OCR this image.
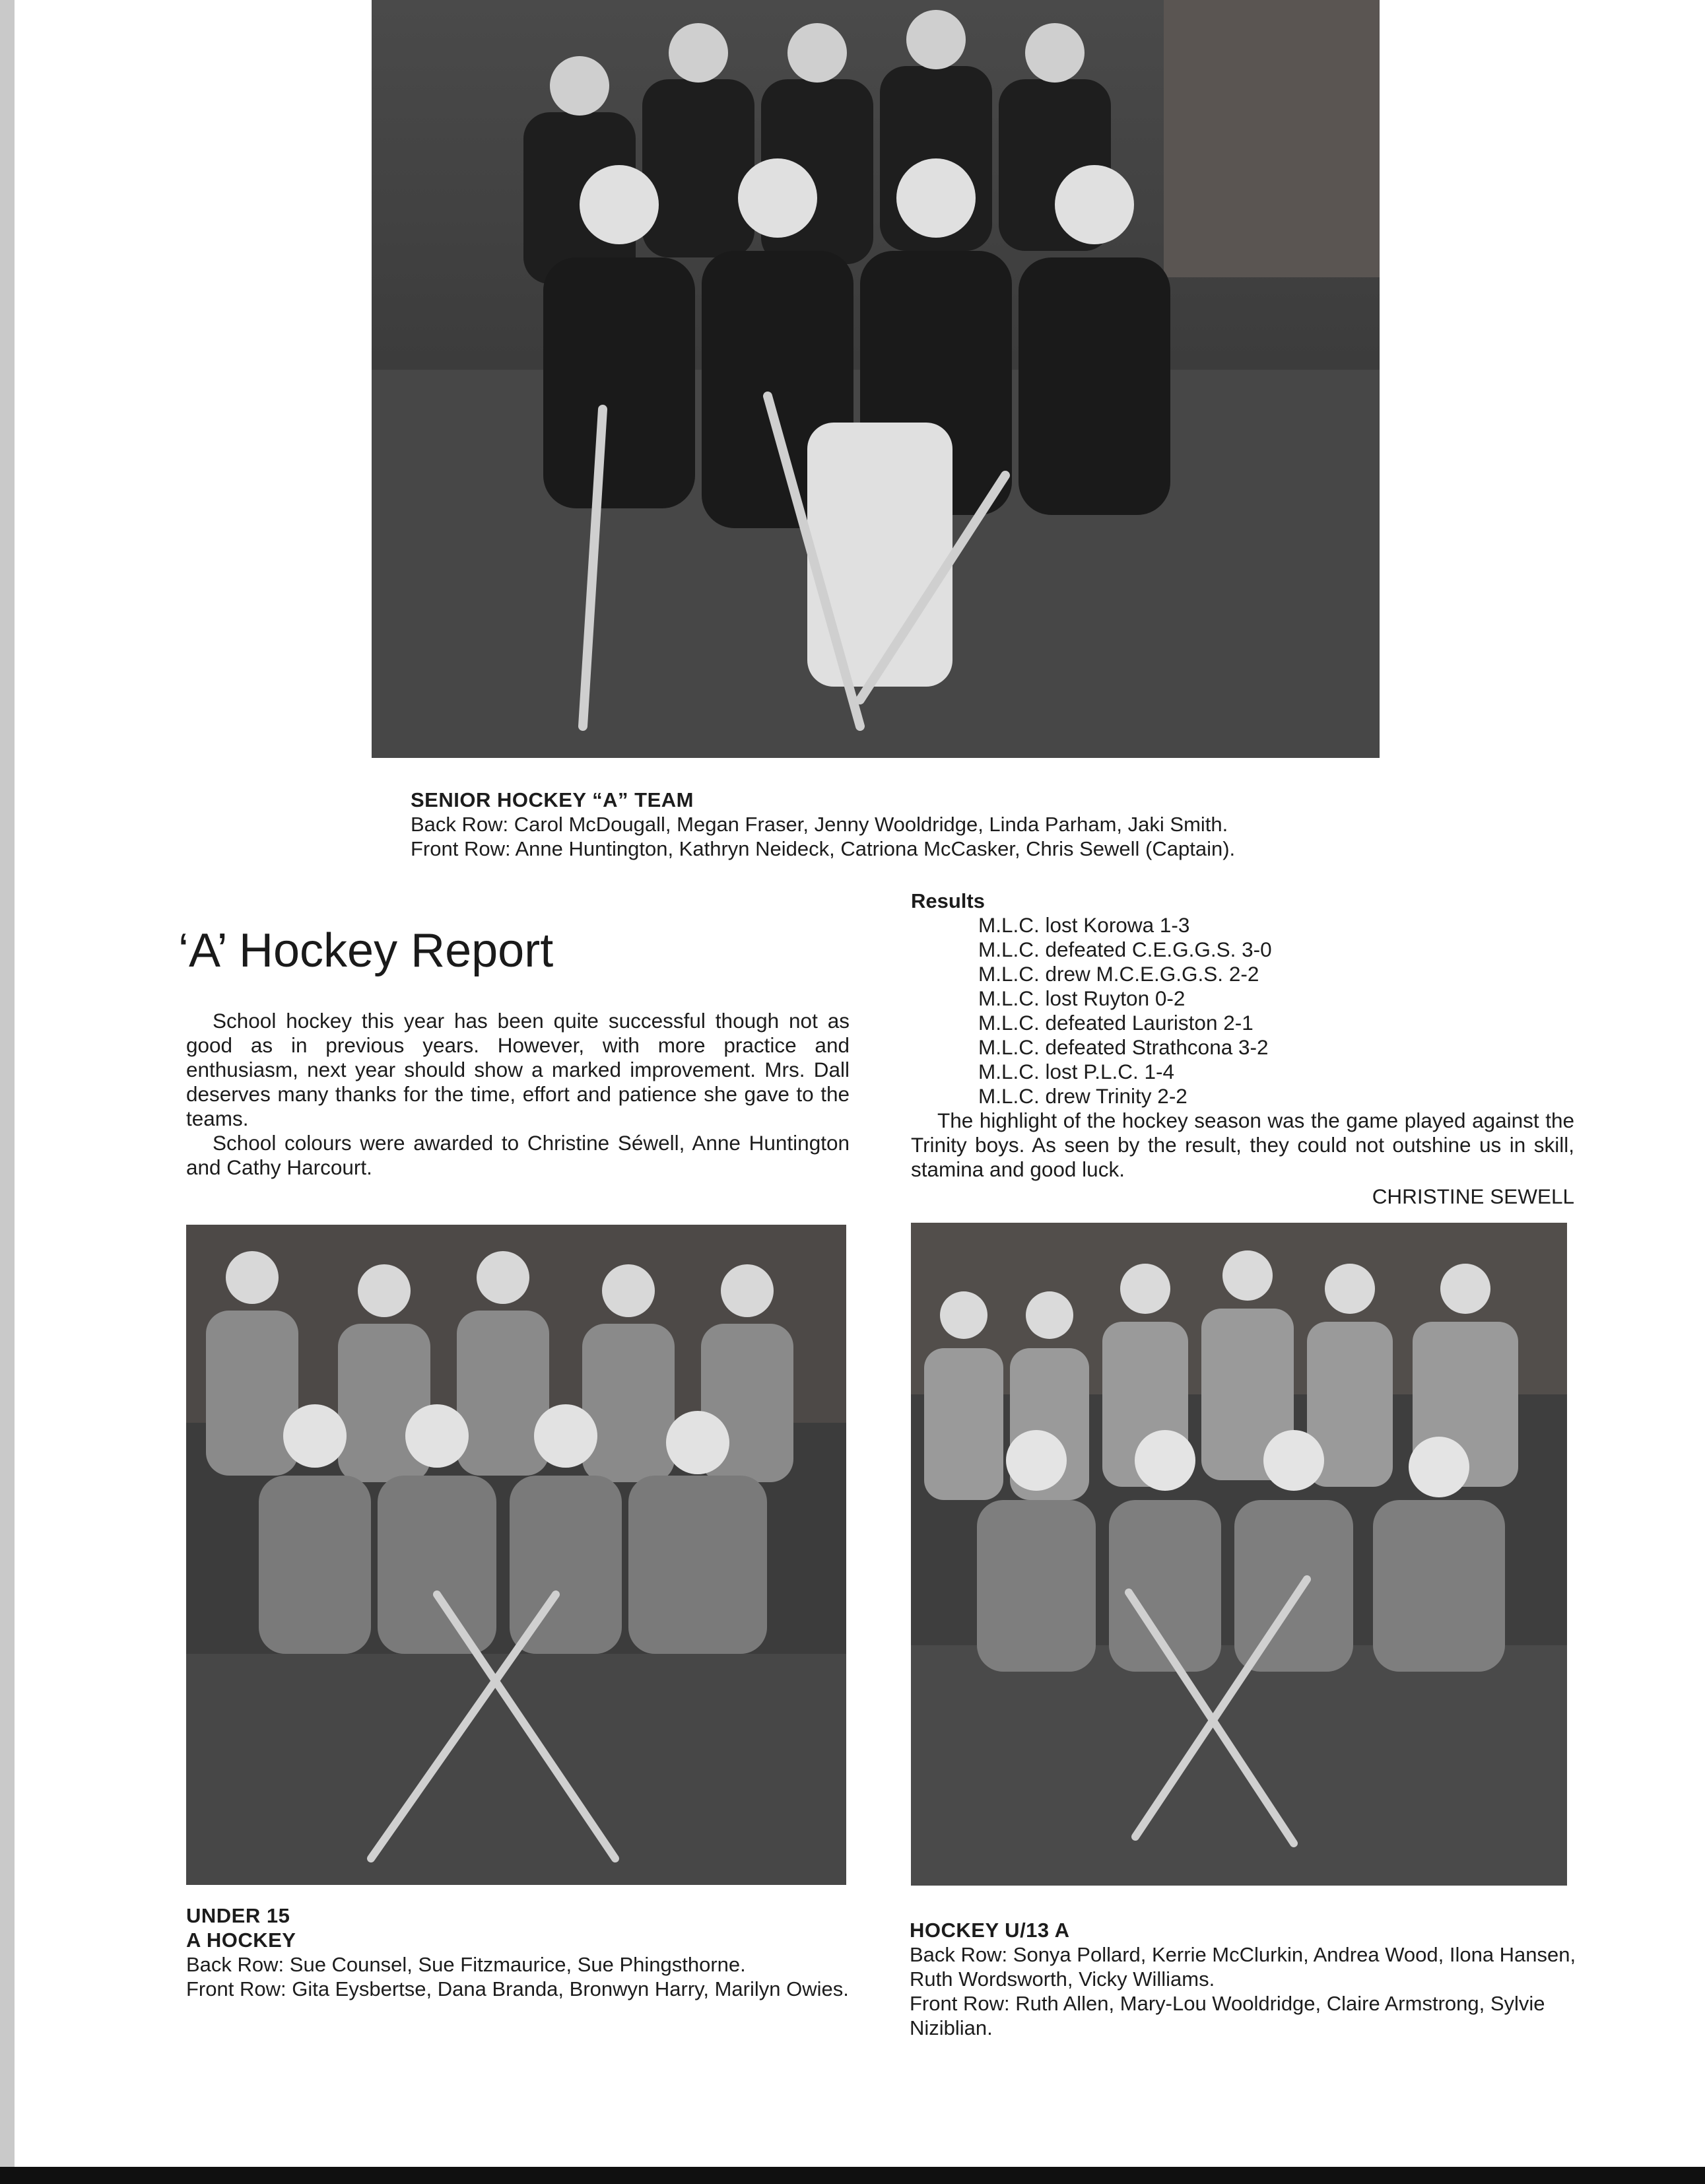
SENIOR HOCKEY “A” TEAM
Back Row: Carol McDougall, Megan Fraser, Jenny Wooldridge, Linda Parham, Jaki Smith.
Front Row: Anne Huntington, Kathryn Neideck, Catriona McCasker, Chris Sewell (Captain).
‘A’ Hockey Report

School hockey this year has been quite successful though not as good as in previous years. However, with more practice and enthusiasm, next year should show a marked improvement. Mrs. Dall deserves many thanks for the time, effort and patience she gave to the teams.

School colours were awarded to Christine Séwell, Anne Huntington and Cathy Harcourt.

Results
M.L.C. lost Korowa 1-3
M.L.C. defeated C.E.G.G.S. 3-0
M.L.C. drew M.C.E.G.G.S. 2-2
M.L.C. lost Ruyton 0-2
M.L.C. defeated Lauriston 2-1
M.L.C. defeated Strathcona 3-2
M.L.C. lost P.L.C. 1-4
M.L.C. drew Trinity 2-2

The highlight of the hockey season was the game played against the Trinity boys. As seen by the result, they could not outshine us in skill, stamina and good luck.

CHRISTINE SEWELL
UNDER 15
A HOCKEY
Back Row: Sue Counsel, Sue Fitzmaurice, Sue Phingsthorne.
Front Row: Gita Eysbertse, Dana Branda, Bronwyn Harry, Marilyn Owies.
HOCKEY U/13 A
Back Row: Sonya Pollard, Kerrie McClurkin, Andrea Wood, Ilona Hansen, Ruth Wordsworth, Vicky Williams.
Front Row: Ruth Allen, Mary-Lou Wooldridge, Claire Armstrong, Sylvie Niziblian.
